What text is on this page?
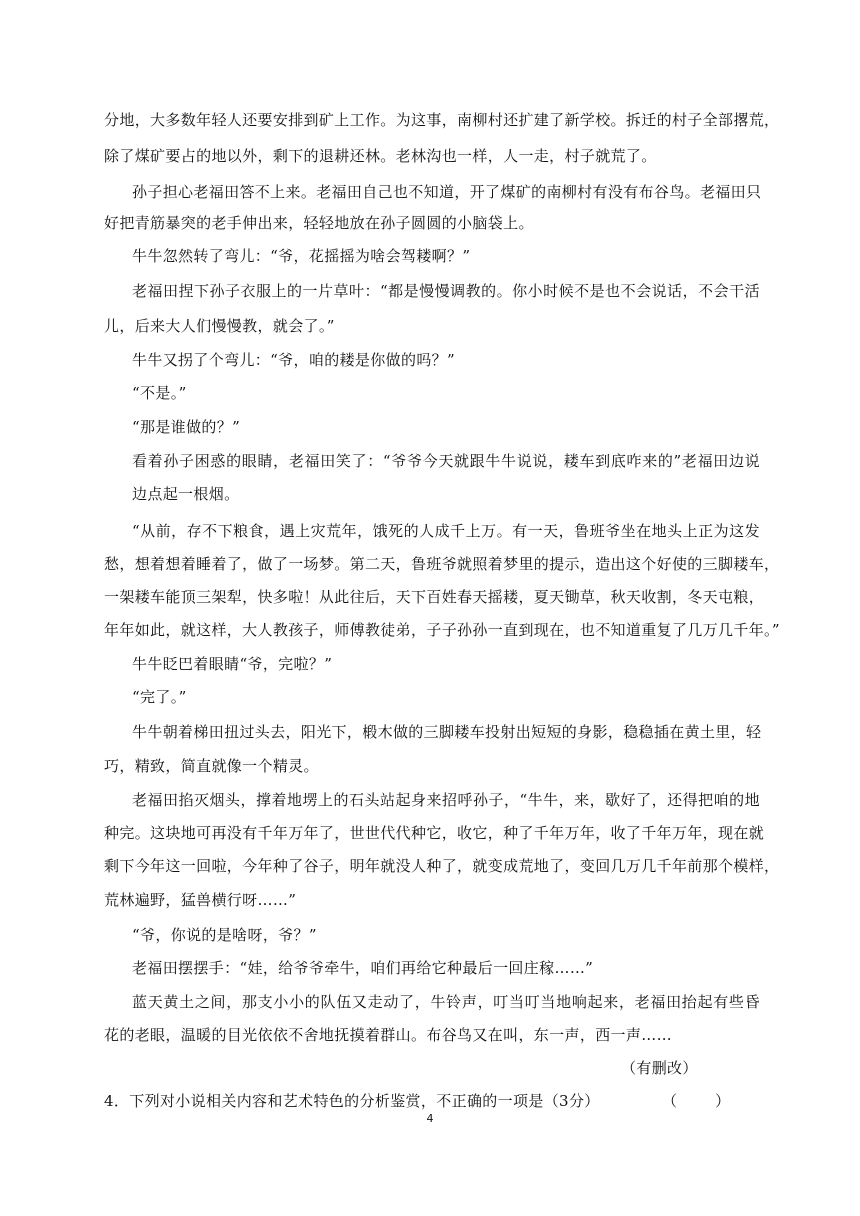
分地，大多数年轻人还要安排到矿上工作。为这事，南柳村还扩建了新学校。拆迁的村子全部撂荒，
除了煤矿要占的地以外，剩下的退耕还林。老林沟也一样，人一走，村子就荒了。
孙子担心老福田答不上来。老福田自己也不知道，开了煤矿的南柳村有没有布谷鸟。老福田只
好把青筋暴突的老手伸出来，轻轻地放在孙子圆圆的小脑袋上。
牛牛忽然转了弯儿：“爷，花摇摇为啥会驾耧啊？”
老福田捏下孙子衣服上的一片草叶：“都是慢慢调教的。你小时候不是也不会说话，不会干活
儿，后来大人们慢慢教，就会了。”
牛牛又拐了个弯儿：“爷，咱的耧是你做的吗？”
“不是。”
“那是谁做的？”
看着孙子困惑的眼睛，老福田笑了：“爷爷今天就跟牛牛说说，耧车到底咋来的”老福田边说
边点起一根烟。
“从前，存不下粮食，遇上灾荒年，饿死的人成千上万。有一天，鲁班爷坐在地头上正为这发
愁，想着想着睡着了，做了一场梦。第二天，鲁班爷就照着梦里的提示，造出这个好使的三脚耧车，
一架耧车能顶三架犁，快多啦！从此往后，天下百姓春天摇耧，夏天锄草，秋天收割，冬天屯粮，
年年如此，就这样，大人教孩子，师傅教徒弟，子子孙孙一直到现在，也不知道重复了几万几千年。”
牛牛眨巴着眼睛“爷，完啦？”
“完了。”
牛牛朝着梯田扭过头去，阳光下，椴木做的三脚耧车投射出短短的身影，稳稳插在黄土里，轻
巧，精致，简直就像一个精灵。
老福田掐灭烟头，撑着地塄上的石头站起身来招呼孙子，“牛牛，来，歇好了，还得把咱的地
种完。这块地可再没有千年万年了，世世代代种它，收它，种了千年万年，收了千年万年，现在就
剩下今年这一回啦，今年种了谷子，明年就没人种了，就变成荒地了，变回几万几千年前那个模样，
荒林遍野，猛兽横行呀……”
“爷，你说的是啥呀，爷？”
老福田摆摆手：“娃，给爷爷牵牛，咱们再给它种最后一回庄稼……”
蓝天黄土之间，那支小小的队伍又走动了，牛铃声，叮当叮当地响起来，老福田抬起有些昏
花的老眼，温暖的目光依依不舍地抚摸着群山。布谷鸟又在叫，东一声，西一声……
（有删改）
4．下列对小说相关内容和艺术特色的分析鉴赏，不正确的一项是（3分）	（        ）
4
